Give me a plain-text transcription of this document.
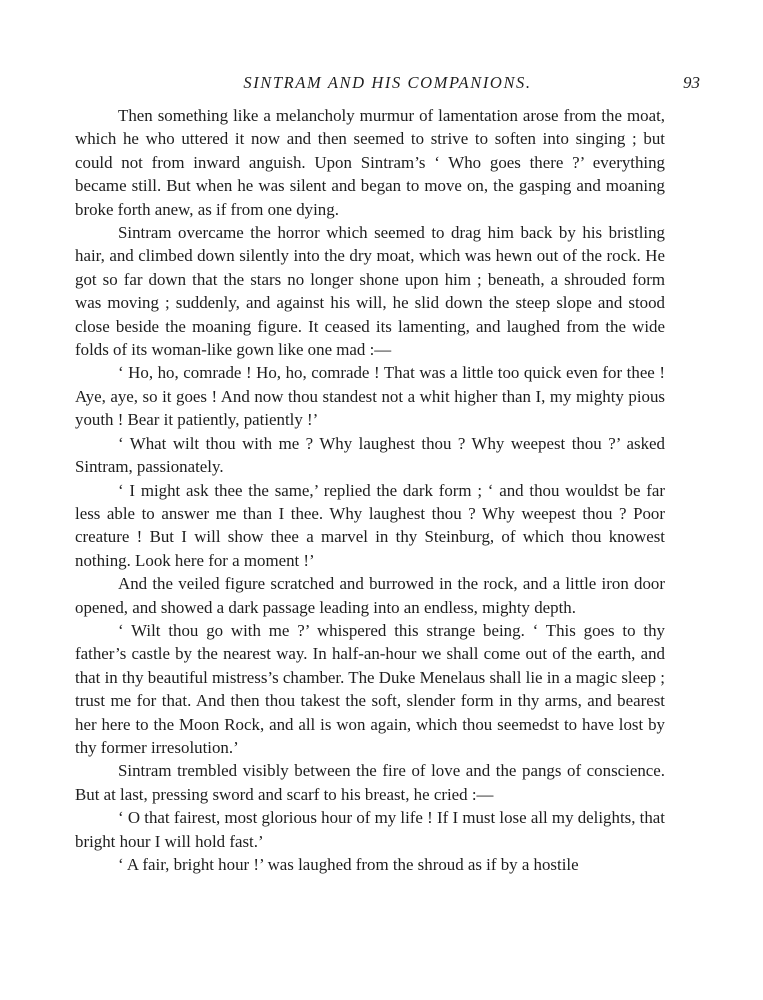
SINTRAM AND HIS COMPANIONS.	93

Then something like a melancholy murmur of lamentation arose from the moat, which he who uttered it now and then seemed to strive to soften into singing ; but could not from inward anguish. Upon Sintram’s ‘ Who goes there ?’ everything became still. But when he was silent and began to move on, the gasping and moaning broke forth anew, as if from one dying.

Sintram overcame the horror which seemed to drag him back by his bristling hair, and climbed down silently into the dry moat, which was hewn out of the rock. He got so far down that the stars no longer shone upon him ; beneath, a shrouded form was moving ; suddenly, and against his will, he slid down the steep slope and stood close beside the moaning figure. It ceased its lamenting, and laughed from the wide folds of its woman-like gown like one mad :—

‘ Ho, ho, comrade ! Ho, ho, comrade ! That was a little too quick even for thee ! Aye, aye, so it goes ! And now thou standest not a whit higher than I, my mighty pious youth ! Bear it patiently, patiently !’

‘ What wilt thou with me ? Why laughest thou ? Why weepest thou ?’ asked Sintram, passionately.

‘ I might ask thee the same,’ replied the dark form ; ‘ and thou wouldst be far less able to answer me than I thee. Why laughest thou ? Why weepest thou ? Poor creature ! But I will show thee a marvel in thy Steinburg, of which thou knowest nothing. Look here for a moment !’

And the veiled figure scratched and burrowed in the rock, and a little iron door opened, and showed a dark passage leading into an endless, mighty depth.

‘ Wilt thou go with me ?’ whispered this strange being. ‘ This goes to thy father’s castle by the nearest way. In half-an-hour we shall come out of the earth, and that in thy beautiful mistress’s chamber. The Duke Menelaus shall lie in a magic sleep ; trust me for that. And then thou takest the soft, slender form in thy arms, and bearest her here to the Moon Rock, and all is won again, which thou seemedst to have lost by thy former irresolution.’

Sintram trembled visibly between the fire of love and the pangs of conscience. But at last, pressing sword and scarf to his breast, he cried :—

‘ O that fairest, most glorious hour of my life ! If I must lose all my delights, that bright hour I will hold fast.’

‘ A fair, bright hour !’ was laughed from the shroud as if by a hostile
